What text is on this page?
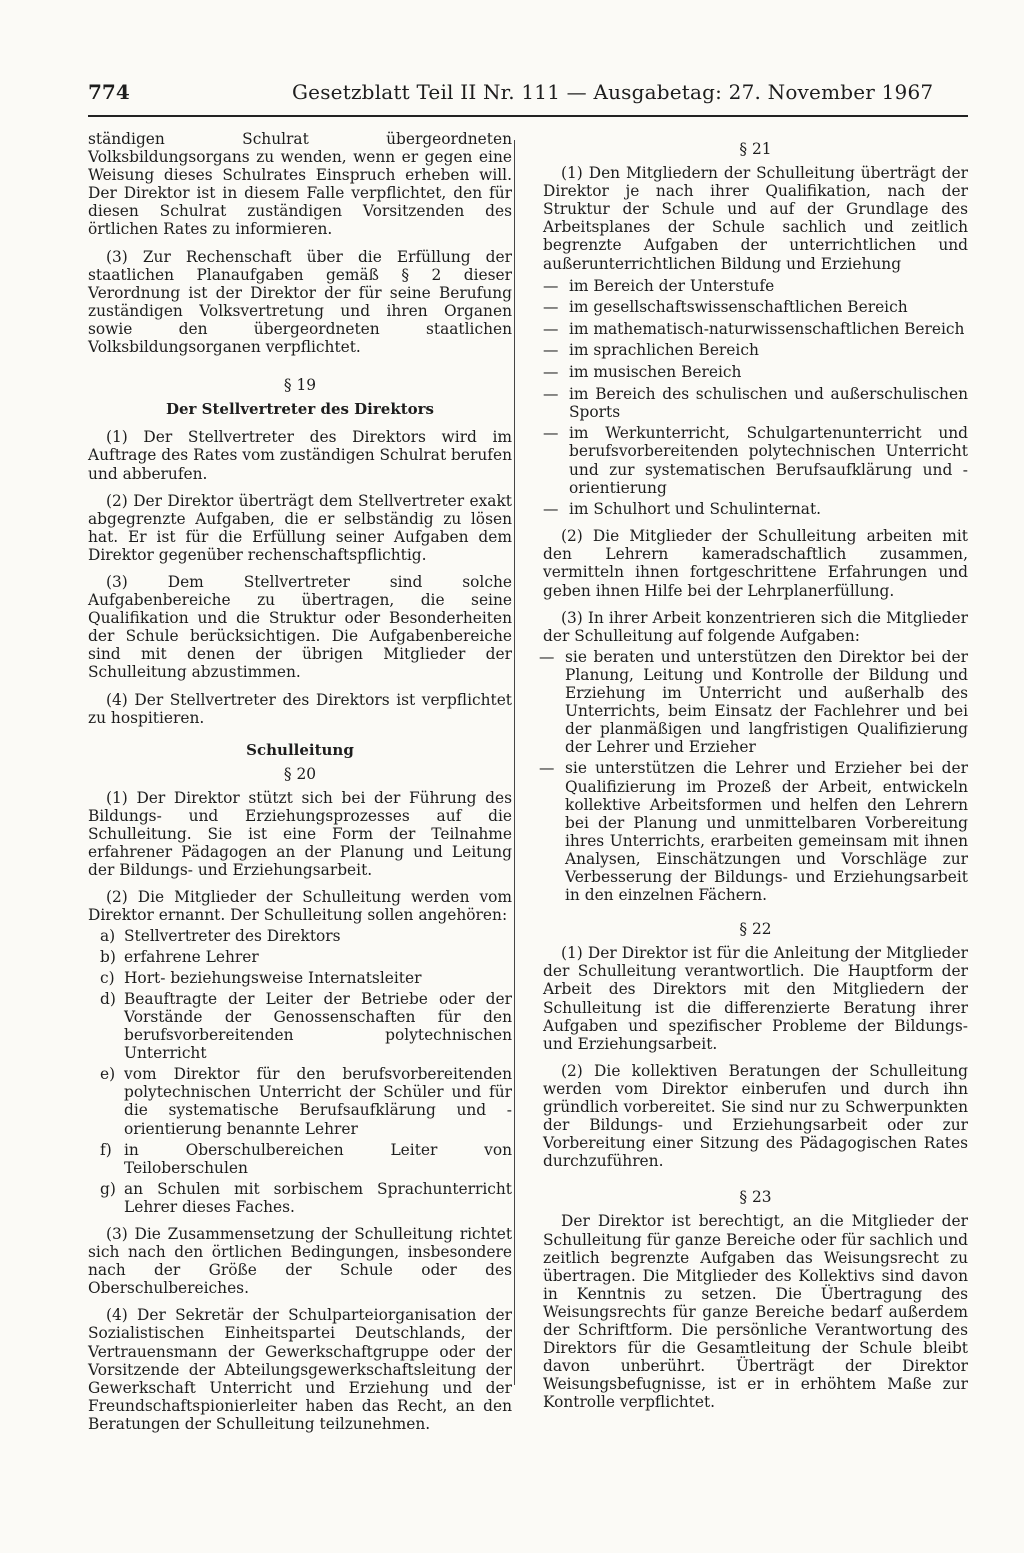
774	Gesetzblatt Teil II Nr. 111 — Ausgabetag: 27. November 1967

ständigen Schulrat übergeordneten Volksbildungsorgans zu wenden, wenn er gegen eine Weisung dieses Schulrates Einspruch erheben will. Der Direktor ist in diesem Falle verpflichtet, den für diesen Schulrat zuständigen Vorsitzenden des örtlichen Rates zu informieren.

(3) Zur Rechenschaft über die Erfüllung der staatlichen Planaufgaben gemäß § 2 dieser Verordnung ist der Direktor der für seine Berufung zuständigen Volksvertretung und ihren Organen sowie den übergeordneten staatlichen Volksbildungsorganen verpflichtet.

§ 19
Der Stellvertreter des Direktors

(1) Der Stellvertreter des Direktors wird im Auftrage des Rates vom zuständigen Schulrat berufen und abberufen.

(2) Der Direktor überträgt dem Stellvertreter exakt abgegrenzte Aufgaben, die er selbständig zu lösen hat. Er ist für die Erfüllung seiner Aufgaben dem Direktor gegenüber rechenschaftspflichtig.

(3) Dem Stellvertreter sind solche Aufgabenbereiche zu übertragen, die seine Qualifikation und die Struktur oder Besonderheiten der Schule berücksichtigen. Die Aufgabenbereiche sind mit denen der übrigen Mitglieder der Schulleitung abzustimmen.

(4) Der Stellvertreter des Direktors ist verpflichtet zu hospitieren.

Schulleitung
§ 20

(1) Der Direktor stützt sich bei der Führung des Bildungs- und Erziehungsprozesses auf die Schulleitung. Sie ist eine Form der Teilnahme erfahrener Pädagogen an der Planung und Leitung der Bildungs- und Erziehungsarbeit.

(2) Die Mitglieder der Schulleitung werden vom Direktor ernannt. Der Schulleitung sollen angehören:

a) Stellvertreter des Direktors
b) erfahrene Lehrer
c) Hort- beziehungsweise Internatsleiter
d) Beauftragte der Leiter der Betriebe oder der Vorstände der Genossenschaften für den berufsvorbereitenden polytechnischen Unterricht
e) vom Direktor für den berufsvorbereitenden polytechnischen Unterricht der Schüler und für die systematische Berufsaufklärung und -orientierung benannte Lehrer
f) in Oberschulbereichen Leiter von Teiloberschulen
g) an Schulen mit sorbischem Sprachunterricht Lehrer dieses Faches.

(3) Die Zusammensetzung der Schulleitung richtet sich nach den örtlichen Bedingungen, insbesondere nach der Größe der Schule oder des Oberschulbereiches.

(4) Der Sekretär der Schulparteiorganisation der Sozialistischen Einheitspartei Deutschlands, der Vertrauensmann der Gewerkschaftgruppe oder der Vorsitzende der Abteilungsgewerkschaftsleitung der Gewerkschaft Unterricht und Erziehung und der Freundschaftspionierleiter haben das Recht, an den Beratungen der Schulleitung teilzunehmen.

§ 21

(1) Den Mitgliedern der Schulleitung überträgt der Direktor je nach ihrer Qualifikation, nach der Struktur der Schule und auf der Grundlage des Arbeitsplanes der Schule sachlich und zeitlich begrenzte Aufgaben der unterrichtlichen und außerunterrichtlichen Bildung und Erziehung

— im Bereich der Unterstufe
— im gesellschaftswissenschaftlichen Bereich
— im mathematisch-naturwissenschaftlichen Bereich
— im sprachlichen Bereich
— im musischen Bereich
— im Bereich des schulischen und außerschulischen Sports
— im Werkunterricht, Schulgartenunterricht und berufsvorbereitenden polytechnischen Unterricht und zur systematischen Berufsaufklärung und -orientierung
— im Schulhort und Schulinternat.

(2) Die Mitglieder der Schulleitung arbeiten mit den Lehrern kameradschaftlich zusammen, vermitteln ihnen fortgeschrittene Erfahrungen und geben ihnen Hilfe bei der Lehrplanerfüllung.

(3) In ihrer Arbeit konzentrieren sich die Mitglieder der Schulleitung auf folgende Aufgaben:

— sie beraten und unterstützen den Direktor bei der Planung, Leitung und Kontrolle der Bildung und Erziehung im Unterricht und außerhalb des Unterrichts, beim Einsatz der Fachlehrer und bei der planmäßigen und langfristigen Qualifizierung der Lehrer und Erzieher
— sie unterstützen die Lehrer und Erzieher bei der Qualifizierung im Prozeß der Arbeit, entwickeln kollektive Arbeitsformen und helfen den Lehrern bei der Planung und unmittelbaren Vorbereitung ihres Unterrichts, erarbeiten gemeinsam mit ihnen Analysen, Einschätzungen und Vorschläge zur Verbesserung der Bildungs- und Erziehungsarbeit in den einzelnen Fächern.
§ 22

(1) Der Direktor ist für die Anleitung der Mitglieder der Schulleitung verantwortlich. Die Hauptform der Arbeit des Direktors mit den Mitgliedern der Schulleitung ist die differenzierte Beratung ihrer Aufgaben und spezifischer Probleme der Bildungs- und Erziehungsarbeit.

(2) Die kollektiven Beratungen der Schulleitung werden vom Direktor einberufen und durch ihn gründlich vorbereitet. Sie sind nur zu Schwerpunkten der Bildungs- und Erziehungsarbeit oder zur Vorbereitung einer Sitzung des Pädagogischen Rates durchzuführen.

§ 23

Der Direktor ist berechtigt, an die Mitglieder der Schulleitung für ganze Bereiche oder für sachlich und zeitlich begrenzte Aufgaben das Weisungsrecht zu übertragen. Die Mitglieder des Kollektivs sind davon in Kenntnis zu setzen. Die Übertragung des Weisungsrechts für ganze Bereiche bedarf außerdem der Schriftform. Die persönliche Verantwortung des Direktors für die Gesamtleitung der Schule bleibt davon unberührt. Überträgt der Direktor Weisungsbefugnisse, ist er in erhöhtem Maße zur Kontrolle verpflichtet.
